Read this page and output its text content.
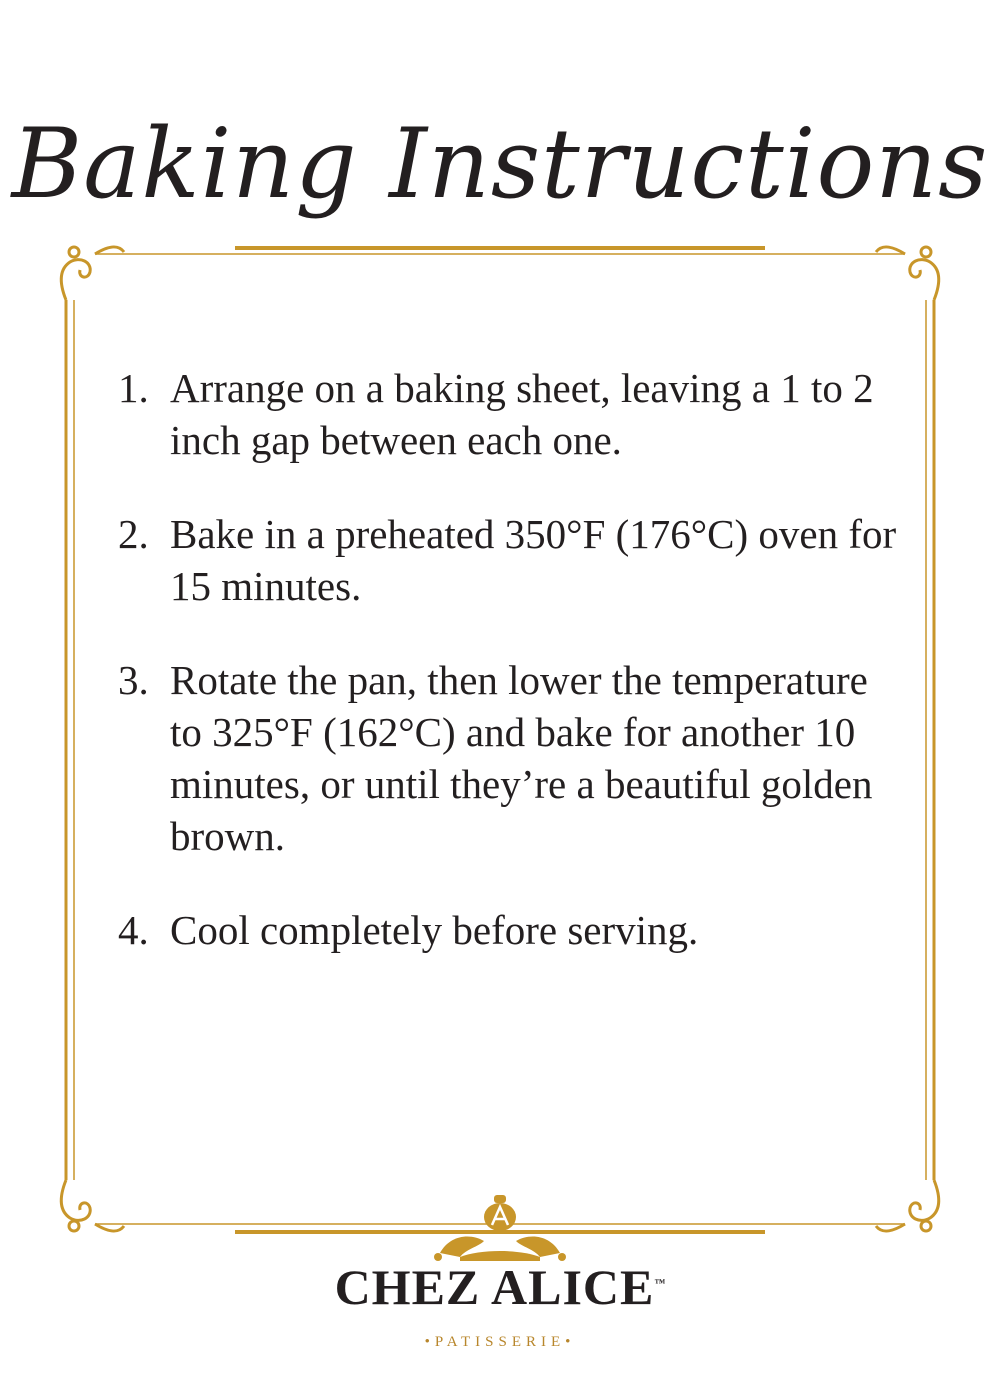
Baking Instructions
1. Arrange on a baking sheet, leaving a 1 to 2 inch gap between each one.
2. Bake in a preheated 350°F (176°C) oven for 15 minutes.
3. Rotate the pan, then lower the temperature to 325°F (162°C) and bake for another 10 minutes, or until they’re a beautiful golden brown.
4. Cool completely before serving.
CHEZ ALICE™
•PATISSERIE•
